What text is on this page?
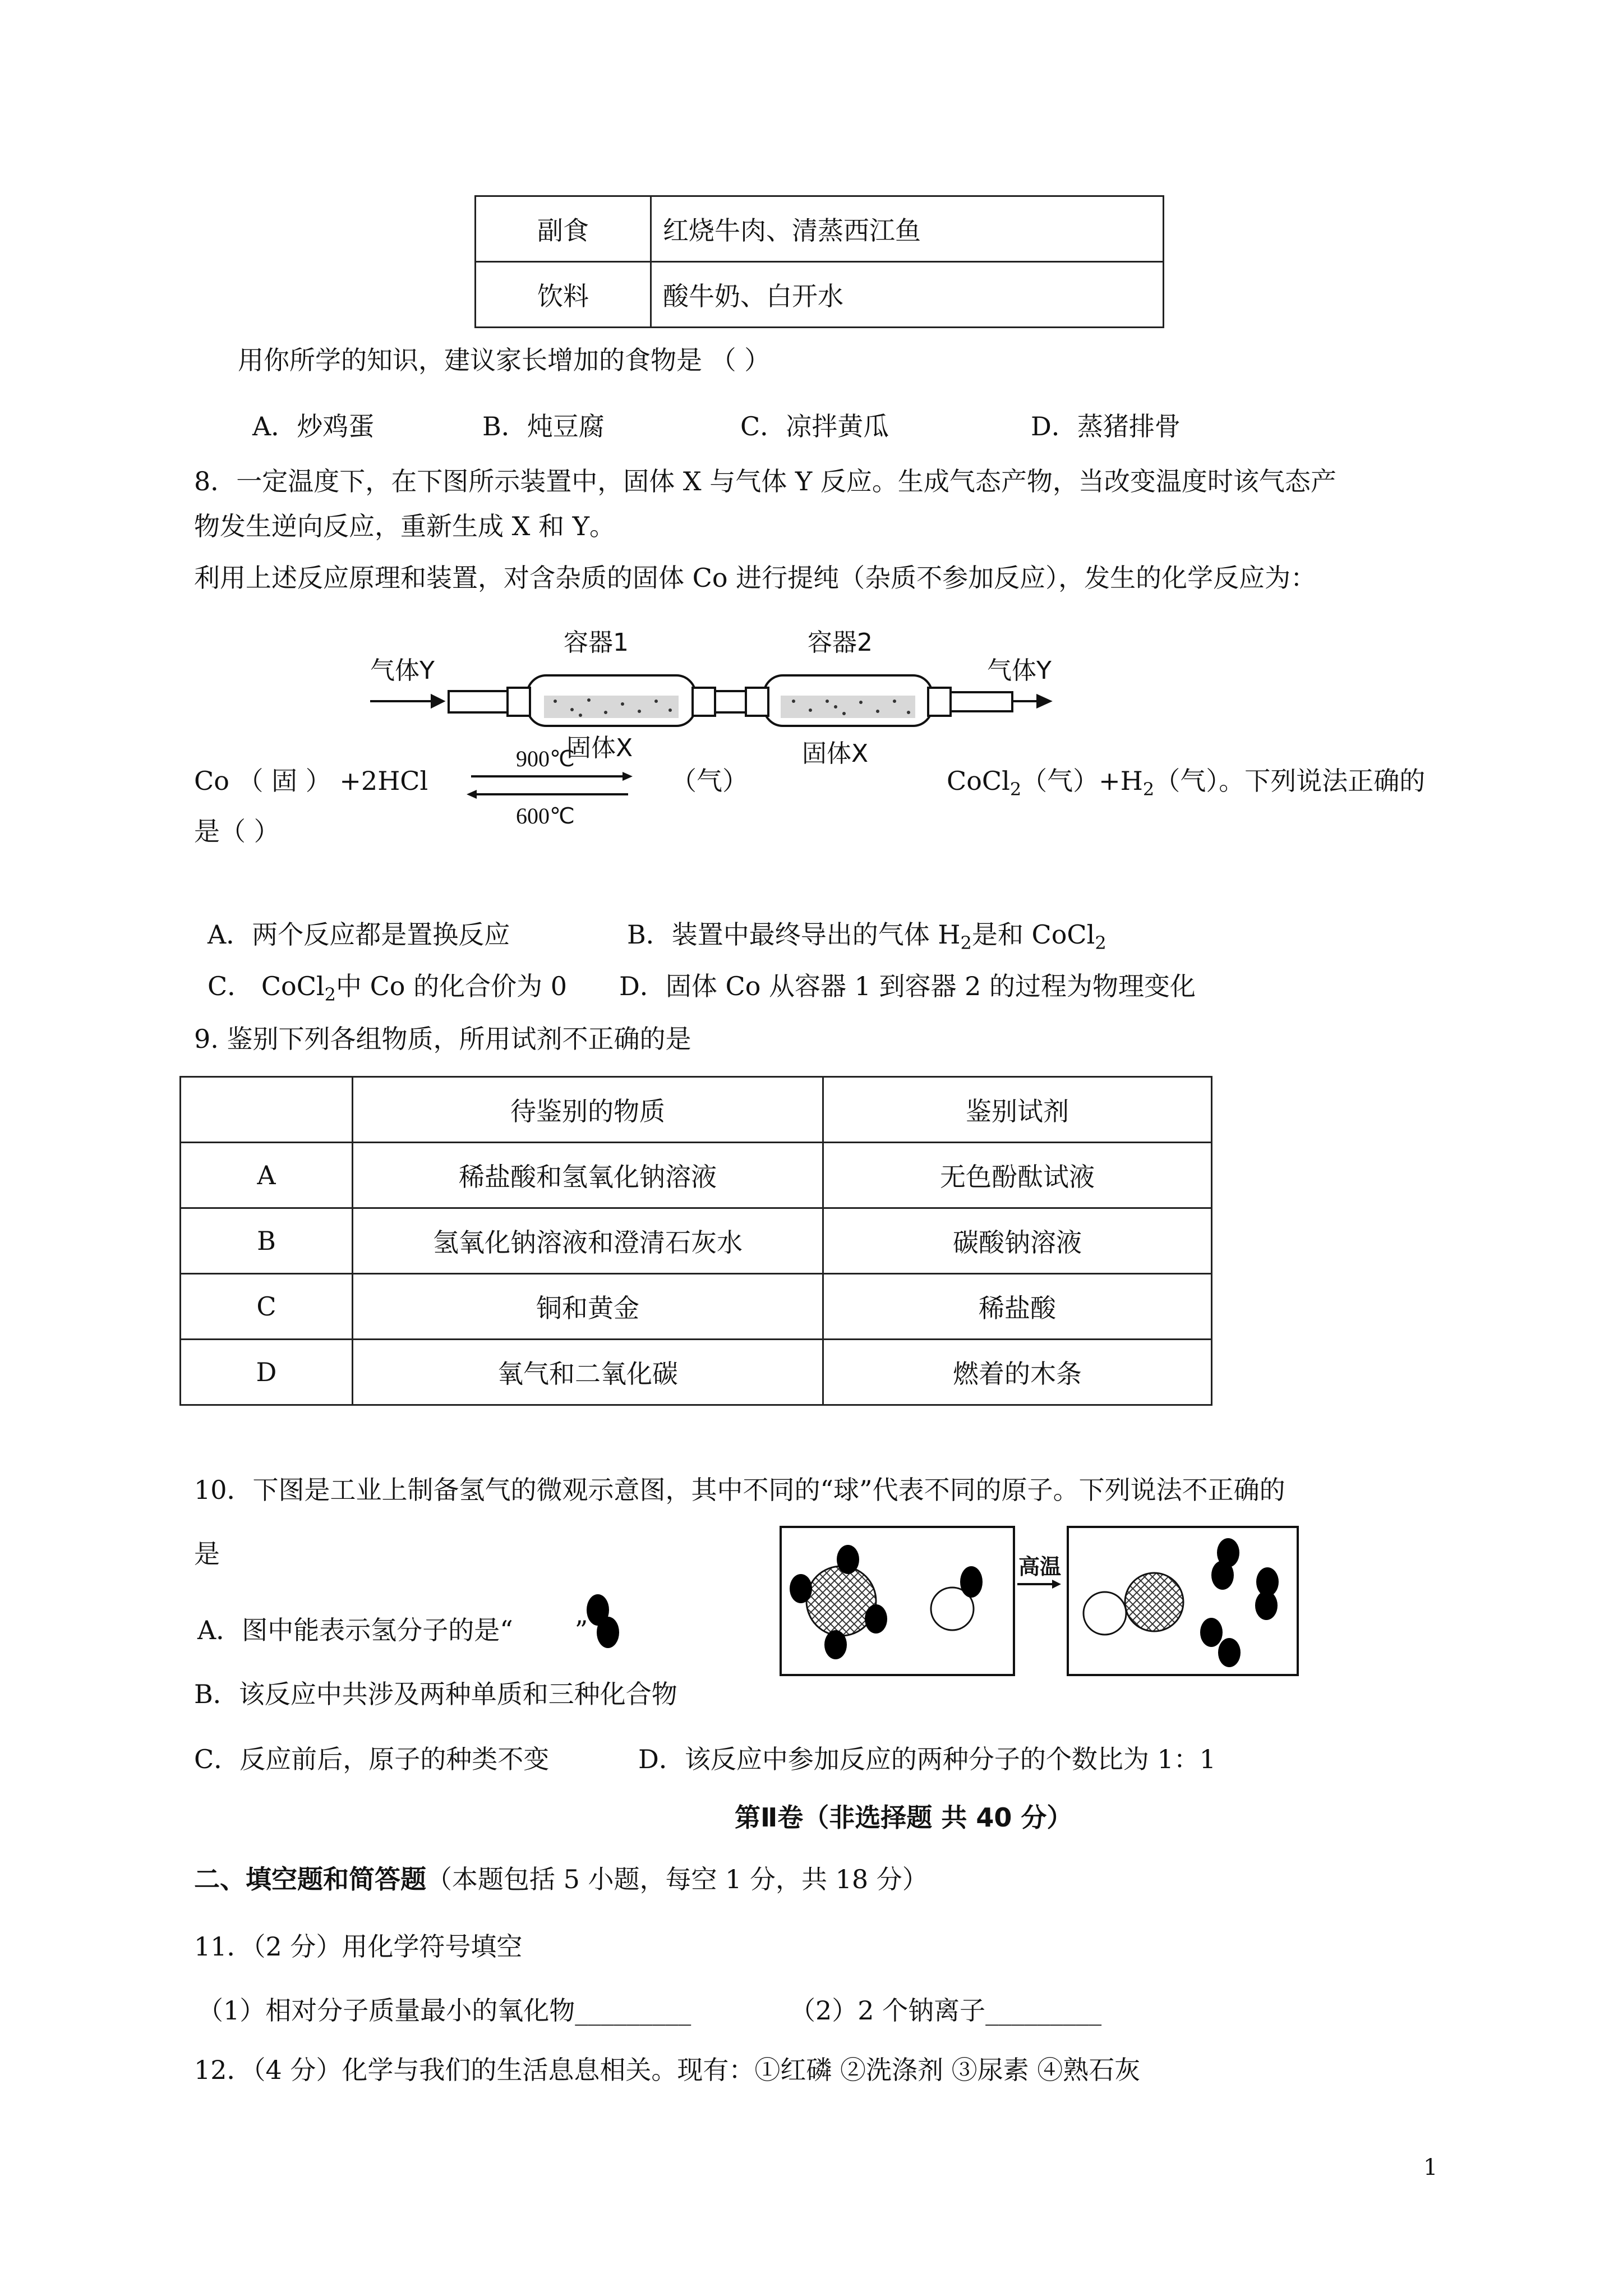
副食	红烧牛肉、清蒸西江鱼
饮料	酸牛奶、白开水
用你所学的知识，建议家长增加的食物是 （ ）
A．炒鸡蛋	B．炖豆腐	C．凉拌黄瓜	D．蒸猪排骨
8．一定温度下，在下图所示装置中，固体 X 与气体 Y 反应。生成气态产物，当改变温度时该气态产
物发生逆向反应，重新生成 X 和 Y。
利用上述反应原理和装置，对含杂质的固体 Co 进行提纯（杂质不参加反应），发生的化学反应为：
气体Y	气体Y
容器1	容器2
固体X	固体X
Co （ 固 ） +2HCl	（气）
900℃
600℃
CoCl$_2$（气）$+H_2$（气）。下列说法正确的
是（ ）
A．两个反应都是置换反应	B．装置中最终导出的气体 $H_2$是和 CoCl$_2$
C． CoCl$_2$中 Co 的化合价为 0 D．固体 Co 从容器 1 到容器 2 的过程为物理变化
9. 鉴别下列各组物质，所用试剂不正确的是
	待鉴别的物质	鉴别试剂
A	稀盐酸和氢氧化钠溶液	无色酚酞试液
B	氢氧化钠溶液和澄清石灰水	碳酸钠溶液
C	铜和黄金	稀盐酸
D	氧气和二氧化碳	燃着的木条
10．下图是工业上制备氢气的微观示意图，其中不同的“球”代表不同的原子。下列说法不正确的
是	高温
A．图中能表示氢分子的是“ ”
B．该反应中共涉及两种单质和三种化合物
C．反应前后，原子的种类不变	D．该反应中参加反应的两种分子的个数比为 1：1
第Ⅱ卷（非选择题 共 40 分）
二、填空题和简答题（本题包括 5 小题，每空 1 分，共 18 分）
11．（2 分）用化学符号填空
（1）相对分子质量最小的氧化物_________	（2）2 个钠离子_________
12．（4 分）化学与我们的生活息息相关。现有：①红磷 ②洗涤剂 ③尿素 ④熟石灰
1
